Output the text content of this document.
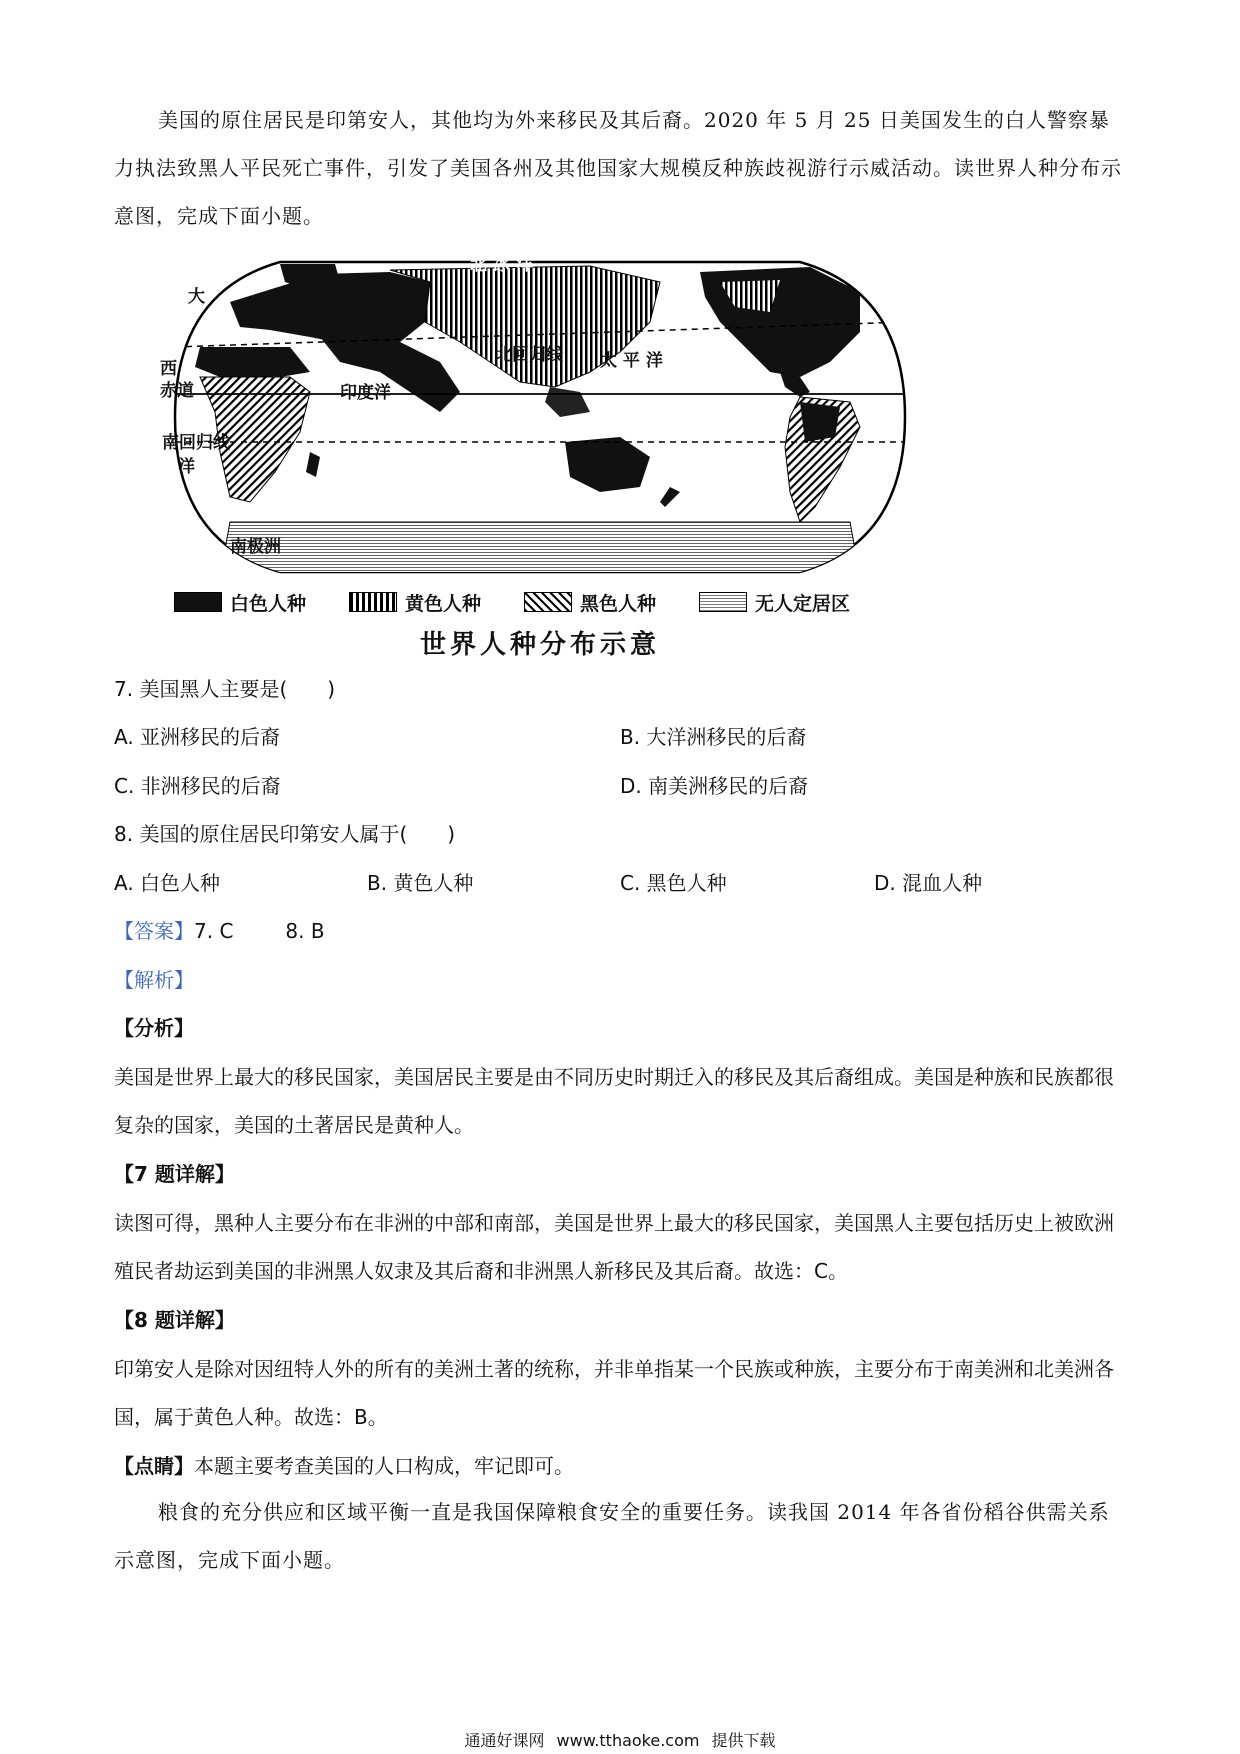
美国的原住居民是印第安人，其他均为外来移民及其后裔。2020 年 5 月 25 日美国发生的白人警察暴力执法致黑人平民死亡事件，引发了美国各州及其他国家大规模反种族歧视游行示威活动。读世界人种分布示意图，完成下面小题。
北 冰 洋
大
西
赤道
北回归线 太 平 洋
印度洋
南回归线
洋
南极洲
白色人种	黄色人种	黑色人种	无人定居区
世界人种分布示意
7. 美国黑人主要是(　　)
A. 亚洲移民的后裔	B. 大洋洲移民的后裔
C. 非洲移民的后裔	D. 南美洲移民的后裔
8. 美国的原住居民印第安人属于(　　)
A. 白色人种	B. 黄色人种	C. 黑色人种	D. 混血人种
【答案】7. C	8. B
【解析】
【分析】
美国是世界上最大的移民国家，美国居民主要是由不同历史时期迁入的移民及其后裔组成。美国是种族和民族都很复杂的国家，美国的土著居民是黄种人。
【7 题详解】
读图可得，黑种人主要分布在非洲的中部和南部，美国是世界上最大的移民国家，美国黑人主要包括历史上被欧洲殖民者劫运到美国的非洲黑人奴隶及其后裔和非洲黑人新移民及其后裔。故选：C。
【8 题详解】
印第安人是除对因纽特人外的所有的美洲土著的统称，并非单指某一个民族或种族，主要分布于南美洲和北美洲各国，属于黄色人种。故选：B。
【点睛】本题主要考查美国的人口构成，牢记即可。
粮食的充分供应和区域平衡一直是我国保障粮食安全的重要任务。读我国 2014 年各省份稻谷供需关系示意图，完成下面小题。
通通好课网 www.tthaoke.com 提供下载
